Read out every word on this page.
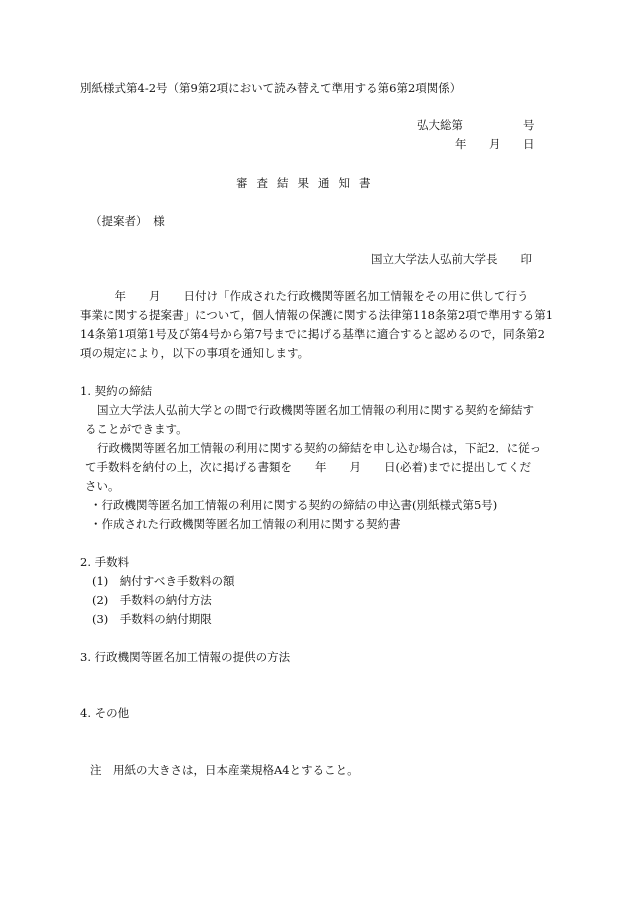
別紙様式第4-2号（第9第2項において読み替えて準用する第6第2項関係）
弘大総第	号
年 月 日
審査結果通知書
（提案者）　様
国立大学法人弘前大学長　　印
　　　年　　月　　日付け「作成された行政機関等匿名加工情報をその用に供して行う
事業に関する提案書」について，個人情報の保護に関する法律第118条第2項で準用する第1
14条第1項第1号及び第4号から第7号までに掲げる基準に適合すると認めるので，同条第2
項の規定により，以下の事項を通知します。
1. 契約の締結
国立大学法人弘前大学との間で行政機関等匿名加工情報の利用に関する契約を締結す
ることができます。
行政機関等匿名加工情報の利用に関する契約の締結を申し込む場合は，下記2．に従っ
て手数料を納付の上，次に掲げる書類を　　年　　月　　日(必着)までに提出してくだ
さい。
・行政機関等匿名加工情報の利用に関する契約の締結の申込書(別紙様式第5号)
・作成された行政機関等匿名加工情報の利用に関する契約書
2. 手数料
(1)　納付すべき手数料の額
(2)　手数料の納付方法
(3)　手数料の納付期限
3. 行政機関等匿名加工情報の提供の方法
4. その他
注　用紙の大きさは，日本産業規格A4とすること。
